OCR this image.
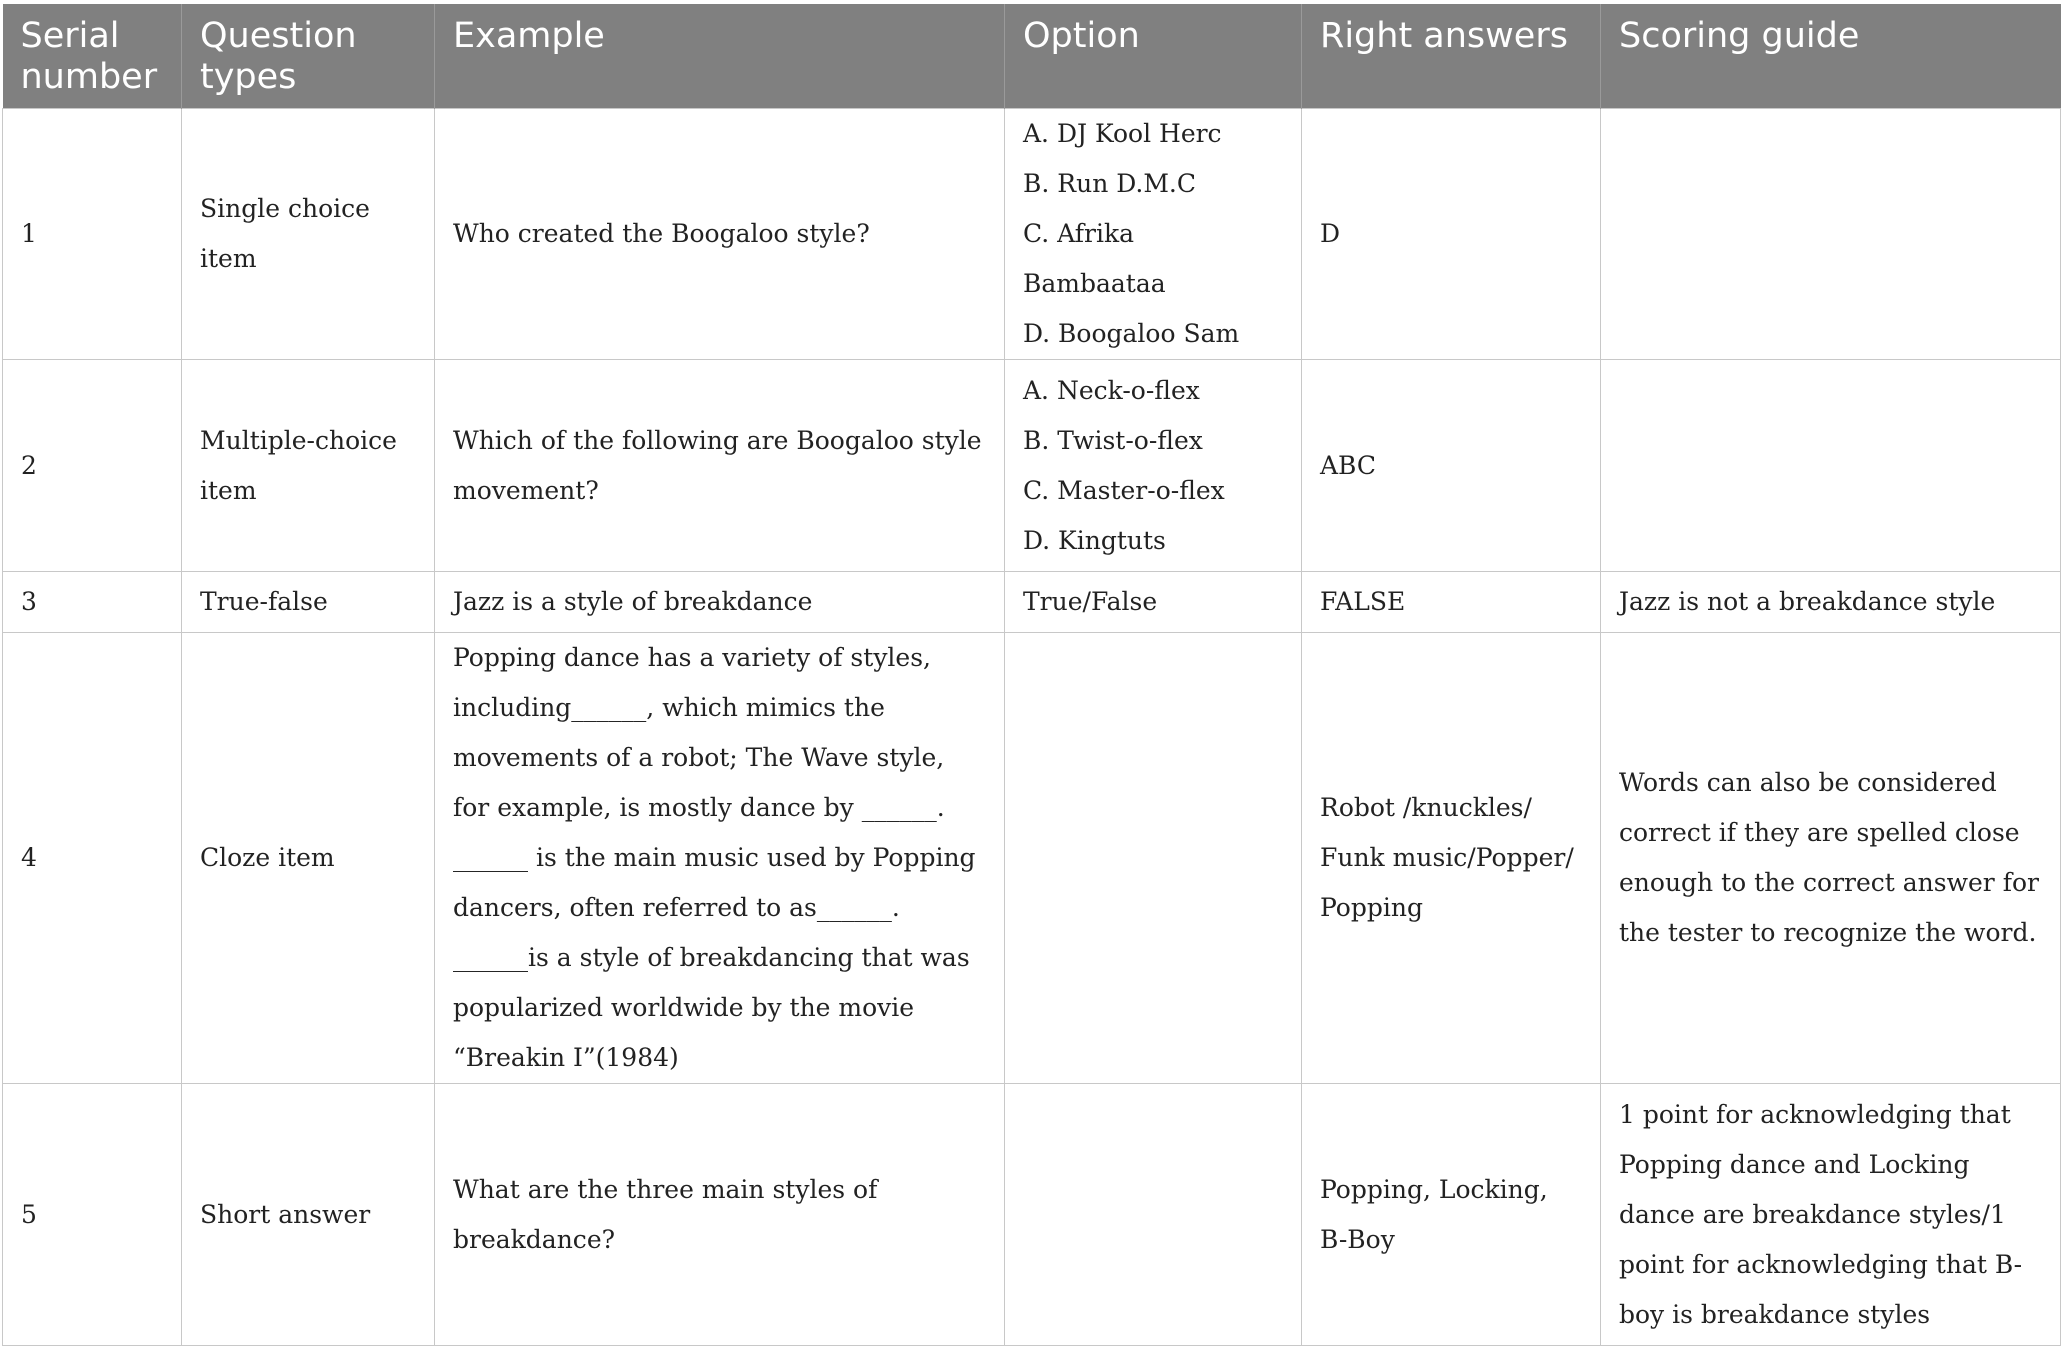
Serial number	Question types	Example	Option	Right answers	Scoring guide
1	Single choice item	Who created the Boogaloo style?	A. DJ Kool Herc
B. Run D.M.C
C. Afrika Bambaataa
D. Boogaloo Sam	D	
2	Multiple-choice item	Which of the following are Boogaloo style movement?	A. Neck-o-flex
B. Twist-o-flex
C. Master-o-flex
D. Kingtuts	ABC	
3	True-false	Jazz is a style of breakdance	True/False	FALSE	Jazz is not a breakdance style
4	Cloze item	Popping dance has a variety of styles, including______, which mimics the movements of a robot; The Wave style, for example, is mostly dance by ______. ______ is the main music used by Popping dancers, often referred to as______. ______is a style of breakdancing that was popularized worldwide by the movie “Breakin I”(1984)		Robot /knuckles/ Funk music/Popper/ Popping	Words can also be considered correct if they are spelled close enough to the correct answer for the tester to recognize the word.
5	Short answer	What are the three main styles of breakdance?		Popping, Locking, B-Boy	1 point for acknowledging that Popping dance and Locking dance are breakdance styles/1 point for acknowledging that B-boy is breakdance styles
